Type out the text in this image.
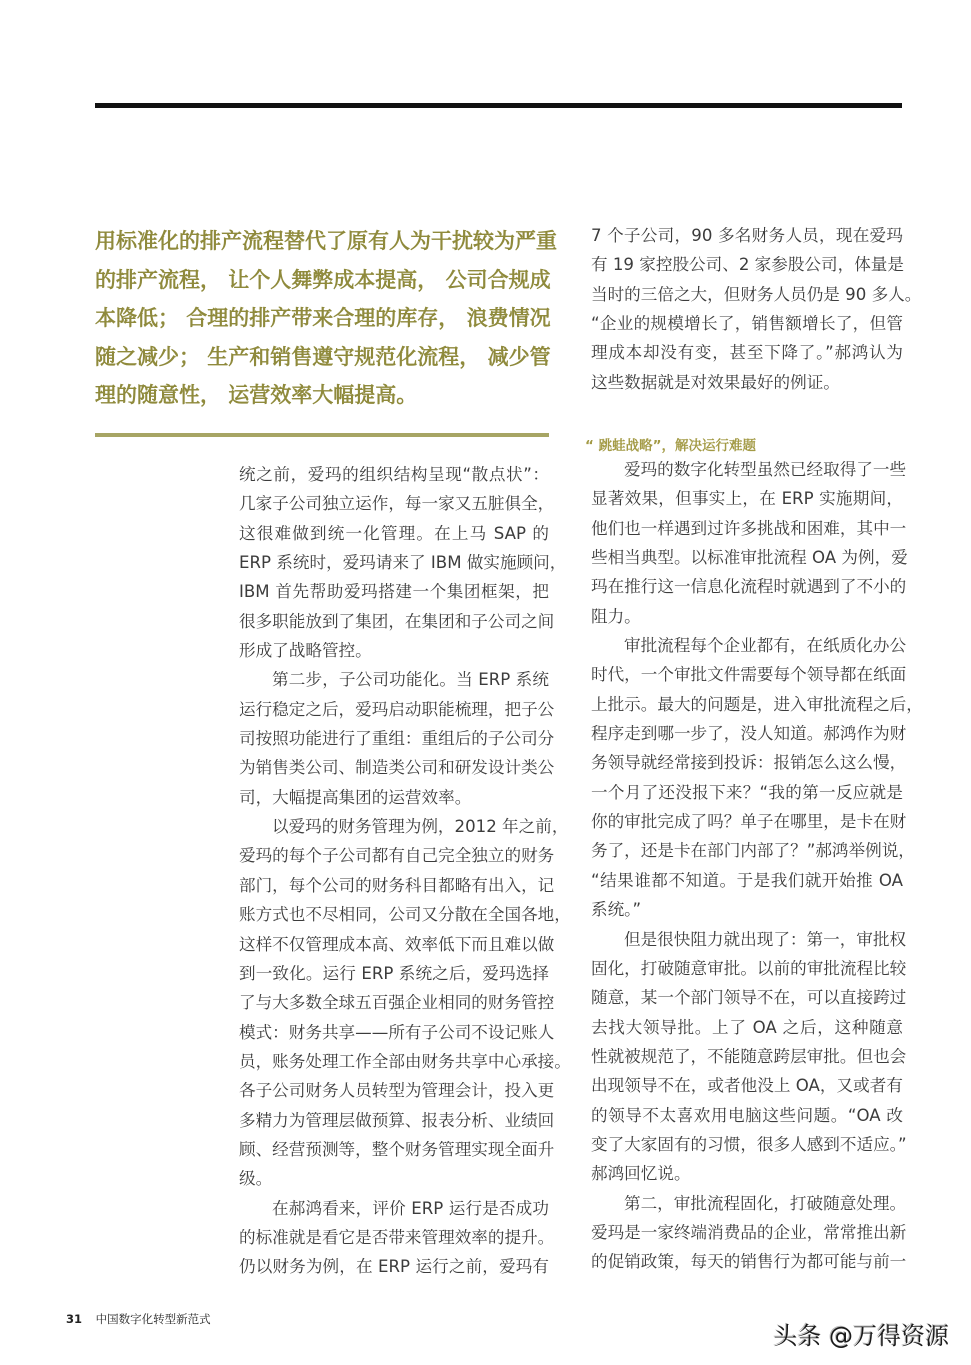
用标准化的排产流程替代了原有人为干扰较为严重
的排产流程， 让个人舞弊成本提高， 公司合规成
本降低； 合理的排产带来合理的库存， 浪费情况
随之减少； 生产和销售遵守规范化流程， 减少管
理的随意性， 运营效率大幅提高。
统之前，爱玛的组织结构呈现“散点状”：
几家子公司独立运作，每一家又五脏俱全，
这很难做到统一化管理。在上马 SAP 的
ERP 系统时，爱玛请来了 IBM 做实施顾问，
IBM 首先帮助爱玛搭建一个集团框架，把
很多职能放到了集团，在集团和子公司之间
形成了战略管控。
第二步，子公司功能化。当 ERP 系统
运行稳定之后，爱玛启动职能梳理，把子公
司按照功能进行了重组：重组后的子公司分
为销售类公司、制造类公司和研发设计类公
司，大幅提高集团的运营效率。
以爱玛的财务管理为例，2012 年之前，
爱玛的每个子公司都有自己完全独立的财务
部门，每个公司的财务科目都略有出入，记
账方式也不尽相同，公司又分散在全国各地，
这样不仅管理成本高、效率低下而且难以做
到一致化。运行 ERP 系统之后，爱玛选择
了与大多数全球五百强企业相同的财务管控
模式：财务共享——所有子公司不设记账人
员，账务处理工作全部由财务共享中心承接。
各子公司财务人员转型为管理会计，投入更
多精力为管理层做预算、报表分析、业绩回
顾、经营预测等，整个财务管理实现全面升
级。
在郝鸿看来，评价 ERP 运行是否成功
的标准就是看它是否带来管理效率的提升。
仍以财务为例，在 ERP 运行之前，爱玛有
7 个子公司，90 多名财务人员，现在爱玛
有 19 家控股公司、2 家参股公司，体量是
当时的三倍之大，但财务人员仍是 90 多人。
“企业的规模增长了，销售额增长了，但管
理成本却没有变，甚至下降了。”郝鸿认为
这些数据就是对效果最好的例证。
“ 跳蛙战略”，解决运行难题
爱玛的数字化转型虽然已经取得了一些
显著效果，但事实上，在 ERP 实施期间，
他们也一样遇到过许多挑战和困难，其中一
些相当典型。以标准审批流程 OA 为例，爱
玛在推行这一信息化流程时就遇到了不小的
阻力。
审批流程每个企业都有，在纸质化办公
时代，一个审批文件需要每个领导都在纸面
上批示。最大的问题是，进入审批流程之后，
程序走到哪一步了，没人知道。郝鸿作为财
务领导就经常接到投诉：报销怎么这么慢，
一个月了还没报下来？“我的第一反应就是
你的审批完成了吗？单子在哪里，是卡在财
务了，还是卡在部门内部了？”郝鸿举例说，
“结果谁都不知道。于是我们就开始推 OA
系统。”
但是很快阻力就出现了：第一，审批权
固化，打破随意审批。以前的审批流程比较
随意，某一个部门领导不在，可以直接跨过
去找大领导批。上了 OA 之后，这种随意
性就被规范了，不能随意跨层审批。但也会
出现领导不在，或者他没上 OA，又或者有
的领导不太喜欢用电脑这些问题。“OA 改
变了大家固有的习惯，很多人感到不适应。”
郝鸿回忆说。
第二，审批流程固化，打破随意处理。
爱玛是一家终端消费品的企业，常常推出新
的促销政策，每天的销售行为都可能与前一
31 中国数字化转型新范式
头条 @万得资源
